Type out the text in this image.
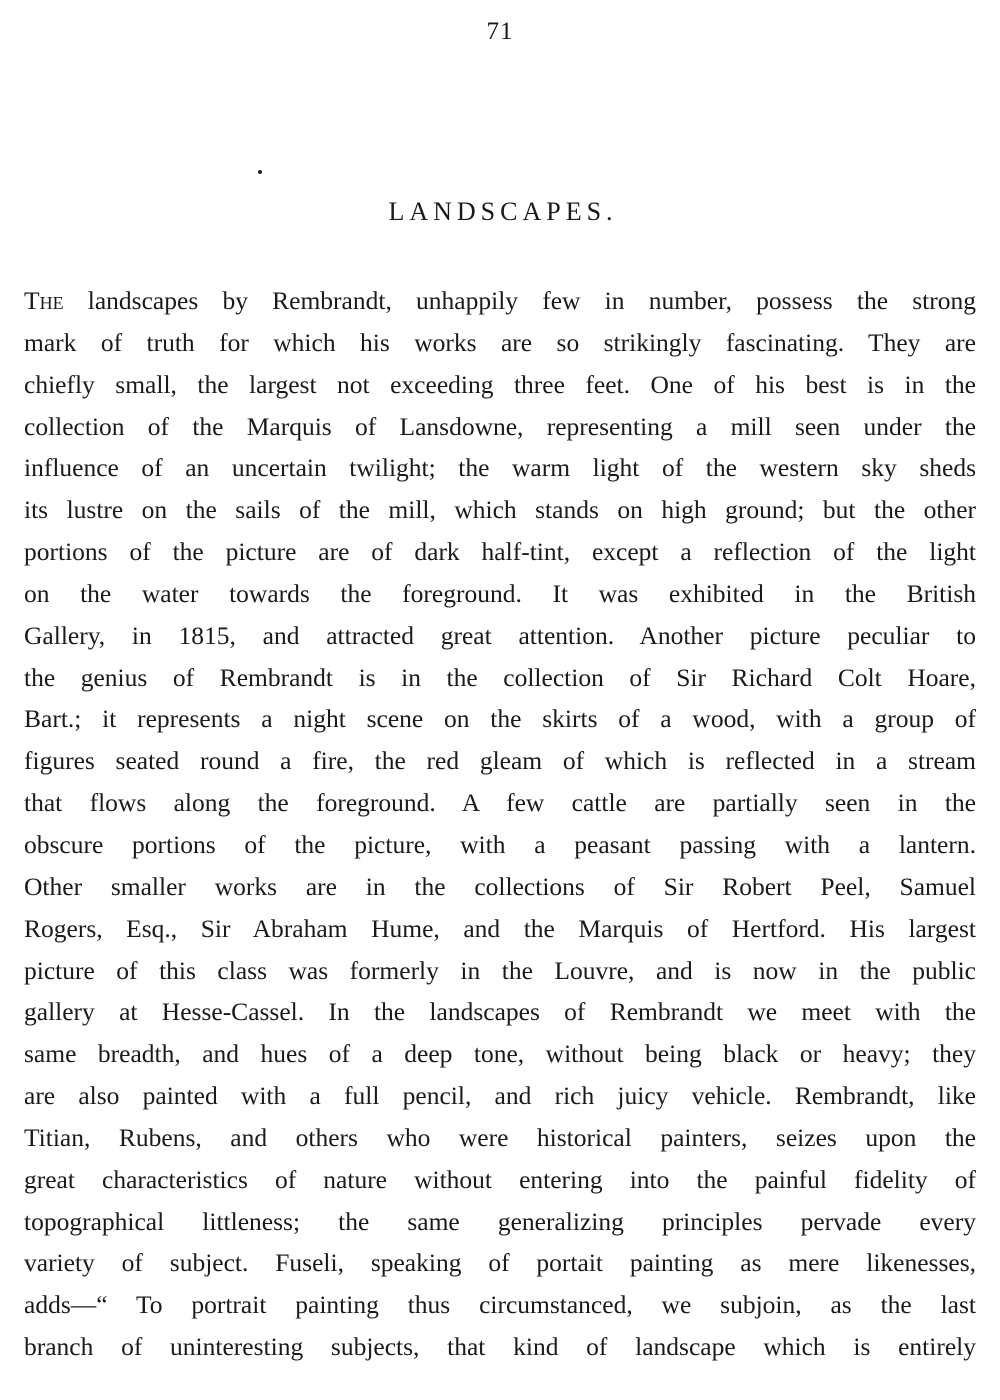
71
LANDSCAPES.
The landscapes by Rembrandt, unhappily few in number, possess the strong
mark of truth for which his works are so strikingly fascinating. They are
chiefly small, the largest not exceeding three feet. One of his best is in the
collection of the Marquis of Lansdowne, representing a mill seen under the
influence of an uncertain twilight; the warm light of the western sky sheds
its lustre on the sails of the mill, which stands on high ground; but the other
portions of the picture are of dark half-tint, except a reflection of the light
on the water towards the foreground. It was exhibited in the British
Gallery, in 1815, and attracted great attention. Another picture peculiar to
the genius of Rembrandt is in the collection of Sir Richard Colt Hoare,
Bart.; it represents a night scene on the skirts of a wood, with a group of
figures seated round a fire, the red gleam of which is reflected in a stream
that flows along the foreground. A few cattle are partially seen in the
obscure portions of the picture, with a peasant passing with a lantern.
Other smaller works are in the collections of Sir Robert Peel, Samuel
Rogers, Esq., Sir Abraham Hume, and the Marquis of Hertford. His largest
picture of this class was formerly in the Louvre, and is now in the public
gallery at Hesse-Cassel. In the landscapes of Rembrandt we meet with the
same breadth, and hues of a deep tone, without being black or heavy; they
are also painted with a full pencil, and rich juicy vehicle. Rembrandt, like
Titian, Rubens, and others who were historical painters, seizes upon the
great characteristics of nature without entering into the painful fidelity of
topographical littleness; the same generalizing principles pervade every
variety of subject. Fuseli, speaking of portait painting as mere likenesses,
adds—“ To portrait painting thus circumstanced, we subjoin, as the last
branch of uninteresting subjects, that kind of landscape which is entirely
